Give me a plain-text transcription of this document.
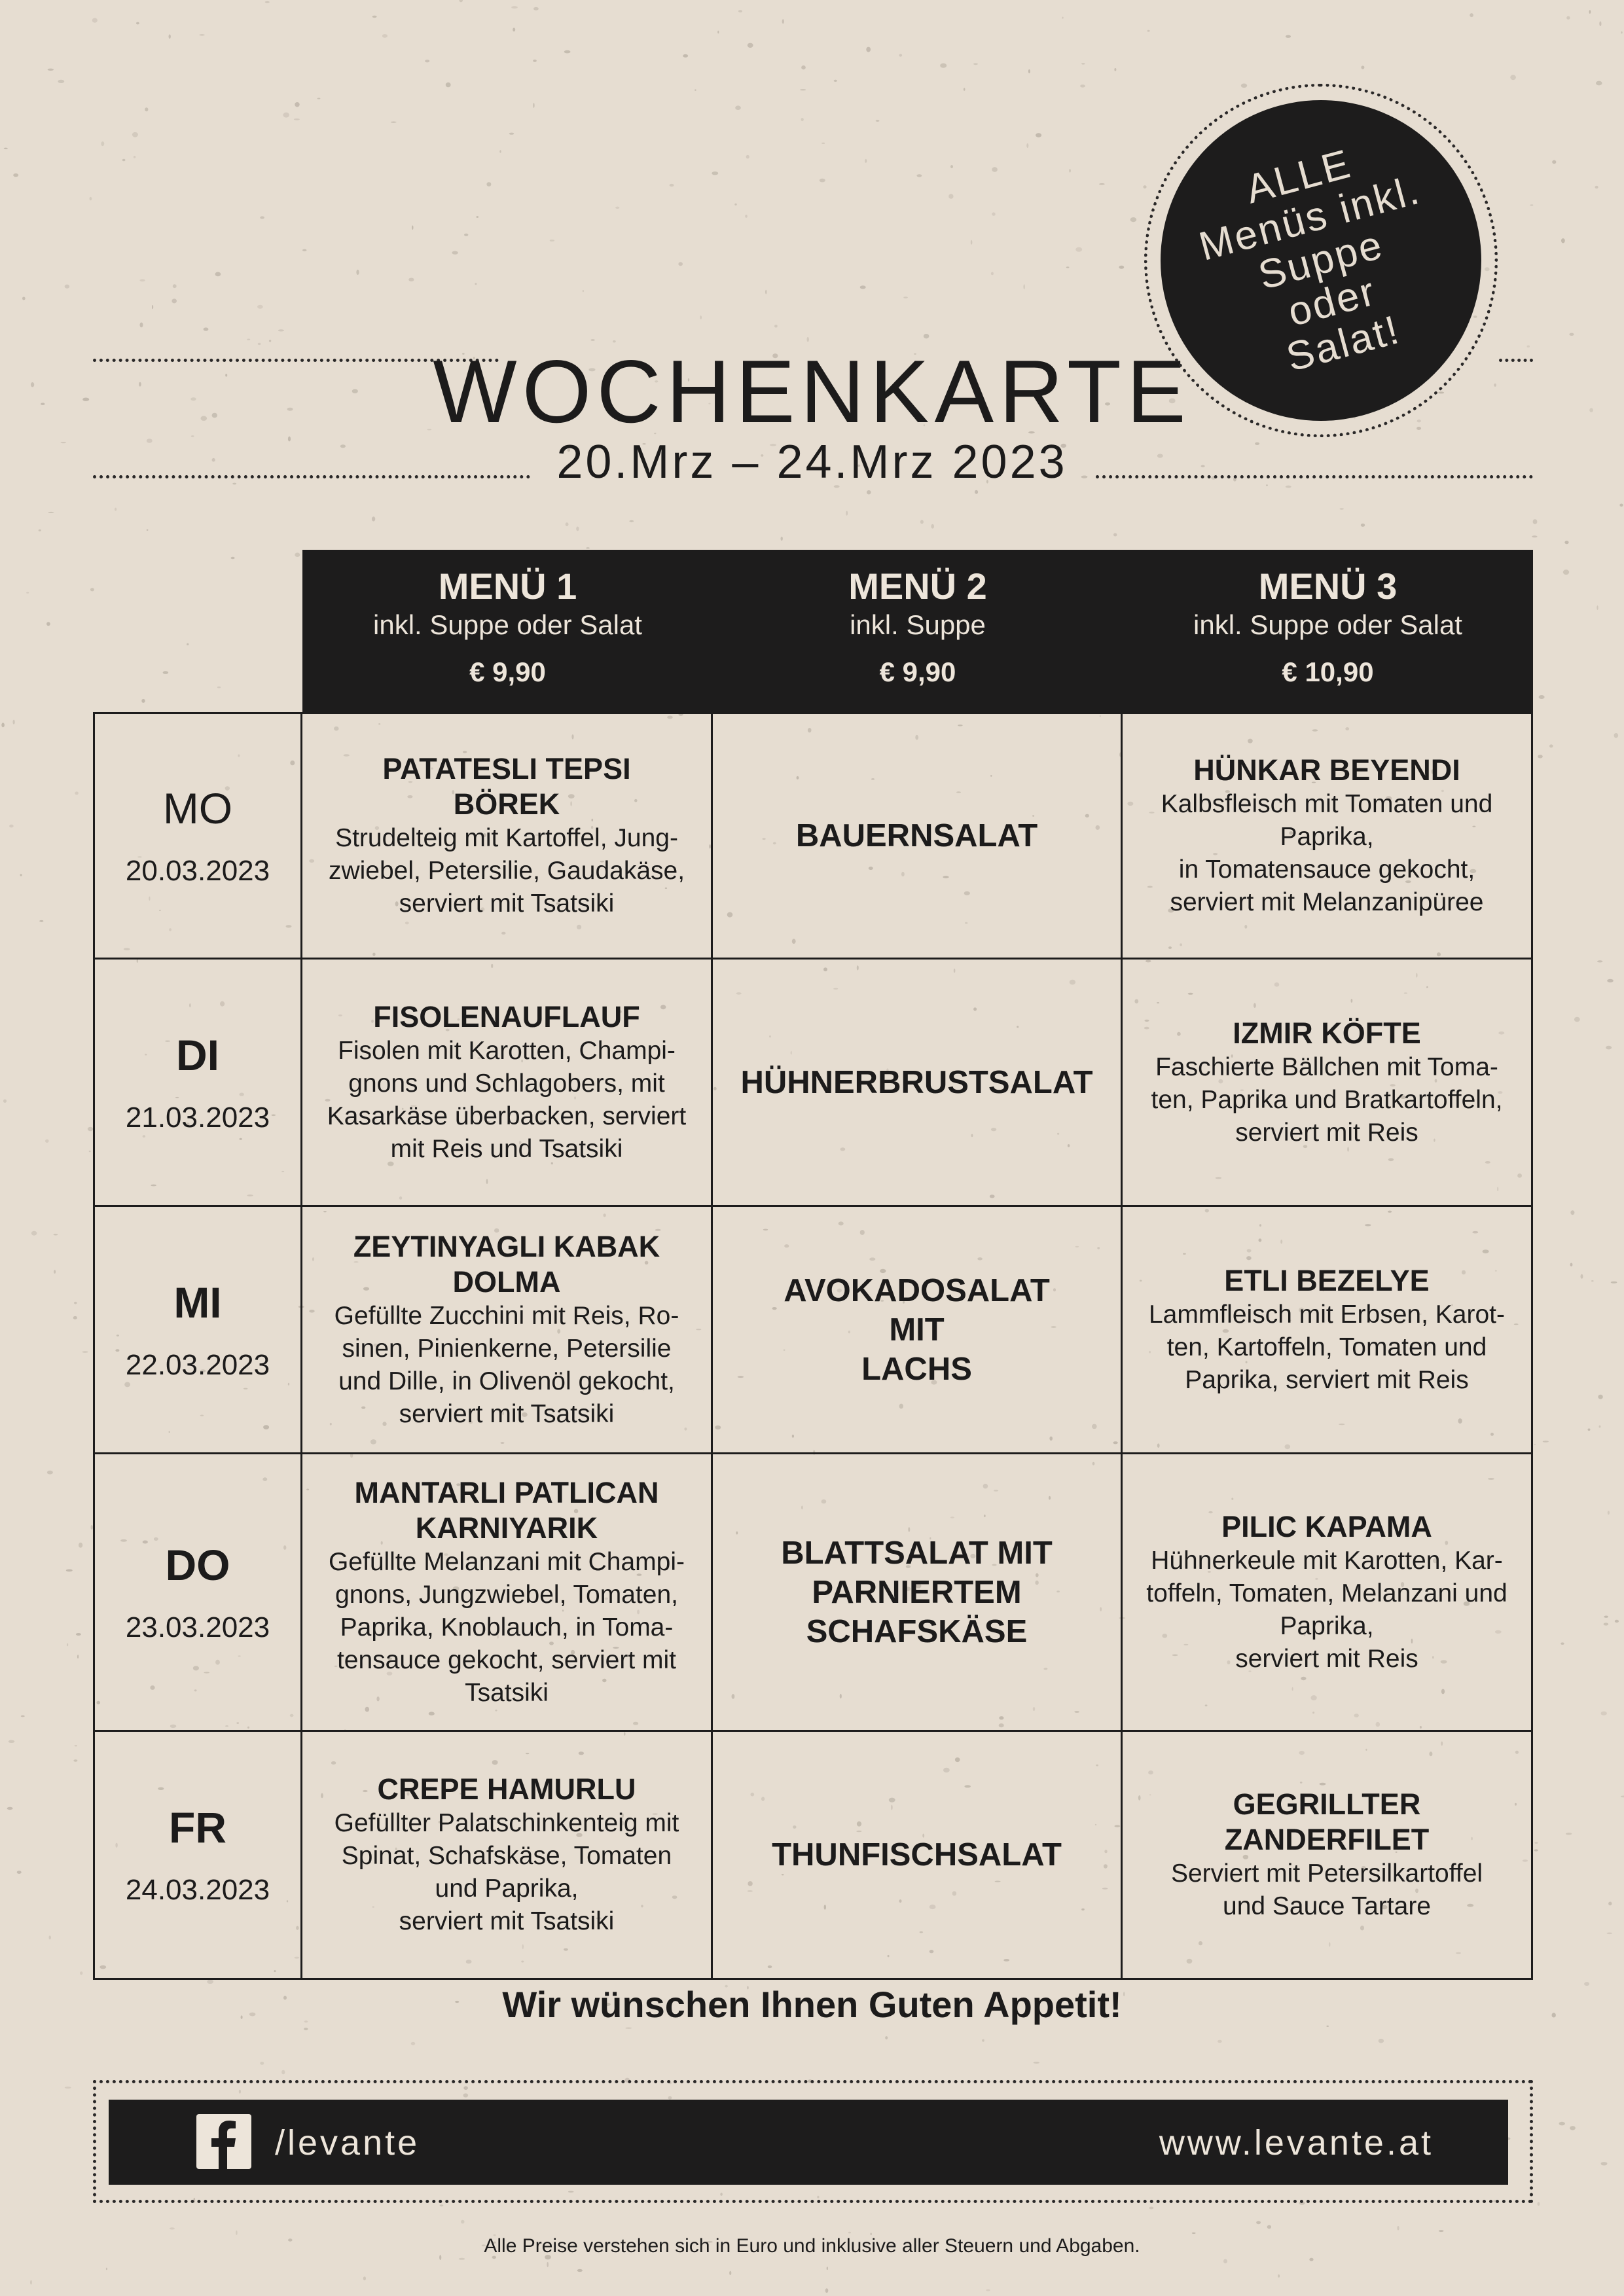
WOCHENKARTE
20.Mrz – 24.Mrz 2023
ALLE
Menüs inkl.
Suppe
oder
Salat!
MENÜ 1
inkl. Suppe oder Salat
€ 9,90
MENÜ 2
inkl. Suppe
€ 9,90
MENÜ 3
inkl. Suppe oder Salat
€ 10,90
MO
20.03.2023
PATATESLI TEPSI
BÖREK
Strudelteig mit Kartoffel, Jung-
zwiebel, Petersilie, Gaudakäse,
serviert mit Tsatsiki
BAUERNSALAT
HÜNKAR BEYENDI
Kalbsfleisch mit Tomaten und
Paprika,
in Tomatensauce gekocht,
serviert mit Melanzanipüree
DI
21.03.2023
FISOLENAUFLAUF
Fisolen mit Karotten, Champi-
gnons und Schlagobers, mit
Kasarkäse überbacken, serviert
mit Reis und Tsatsiki
HÜHNERBRUSTSALAT
IZMIR KÖFTE
Faschierte Bällchen mit Toma-
ten, Paprika und Bratkartoffeln,
serviert mit Reis
MI
22.03.2023
ZEYTINYAGLI KABAK
DOLMA
Gefüllte Zucchini mit Reis, Ro-
sinen, Pinienkerne, Petersilie
und Dille, in Olivenöl gekocht,
serviert mit Tsatsiki
AVOKADOSALAT
MIT
LACHS
ETLI BEZELYE
Lammfleisch mit Erbsen, Karot-
ten, Kartoffeln, Tomaten und
Paprika, serviert mit Reis
DO
23.03.2023
MANTARLI PATLICAN
KARNIYARIK
Gefüllte Melanzani mit Champi-
gnons, Jungzwiebel, Tomaten,
Paprika, Knoblauch, in Toma-
tensauce gekocht, serviert mit
Tsatsiki
BLATTSALAT MIT
PARNIERTEM
SCHAFSKÄSE
PILIC KAPAMA
Hühnerkeule mit Karotten, Kar-
toffeln, Tomaten, Melanzani und
Paprika,
serviert mit Reis
FR
24.03.2023
CREPE HAMURLU
Gefüllter Palatschinkenteig mit
Spinat, Schafskäse, Tomaten
und Paprika,
serviert mit Tsatsiki
THUNFISCHSALAT
GEGRILLTER
ZANDERFILET
Serviert mit Petersilkartoffel
und Sauce Tartare
Wir wünschen Ihnen Guten Appetit!
/levante	www.levante.at
Alle Preise verstehen sich in Euro und inklusive aller Steuern und Abgaben.
